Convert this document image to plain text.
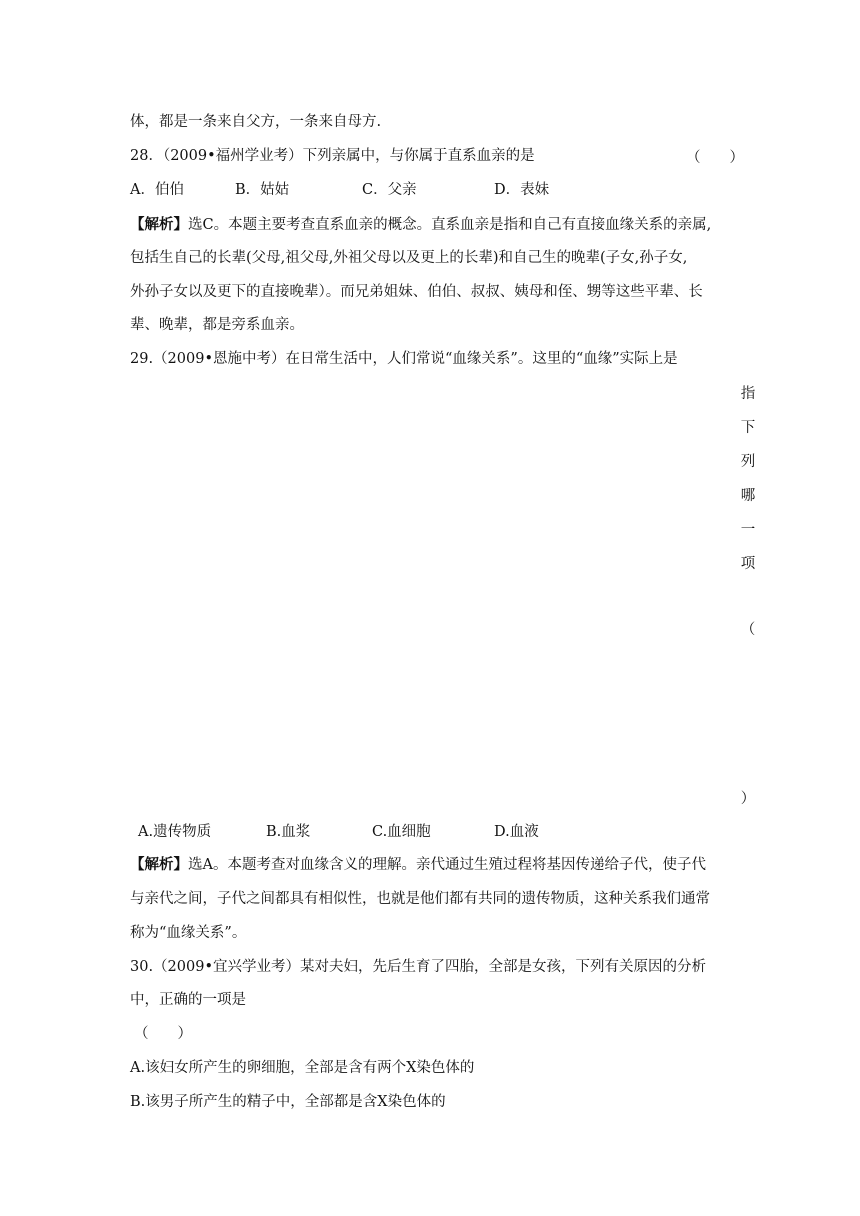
体，都是一条来自父方，一条来自母方.
28．（2009•福州学业考）下列亲属中，与你属于直系血亲的是	（　　）
A．伯伯	B．姑姑	C．父亲	D．表妹
【解析】选C。本题主要考查直系血亲的概念。直系血亲是指和自己有直接血缘关系的亲属,
包括生自己的长辈(父母,祖父母,外祖父母以及更上的长辈)和自己生的晚辈(子女,孙子女,
外孙子女以及更下的直接晚辈）。而兄弟姐妹、伯伯、叔叔、姨母和侄、甥等这些平辈、长
辈、晚辈，都是旁系血亲。
29.（2009•恩施中考）在日常生活中，人们常说“血缘关系”。这里的“血缘”实际上是
指
下
列
哪
一
项
（
）
A.遗传物质	B.血浆	C.血细胞	D.血液
【解析】选A。本题考查对血缘含义的理解。亲代通过生殖过程将基因传递给子代，使子代
与亲代之间，子代之间都具有相似性，也就是他们都有共同的遗传物质，这种关系我们通常
称为“血缘关系”。
30.（2009•宜兴学业考）某对夫妇，先后生育了四胎，全部是女孩，下列有关原因的分析
中，正确的一项是
（　　）
A.该妇女所产生的卵细胞，全部是含有两个X染色体的
B.该男子所产生的精子中，全部都是含X染色体的
